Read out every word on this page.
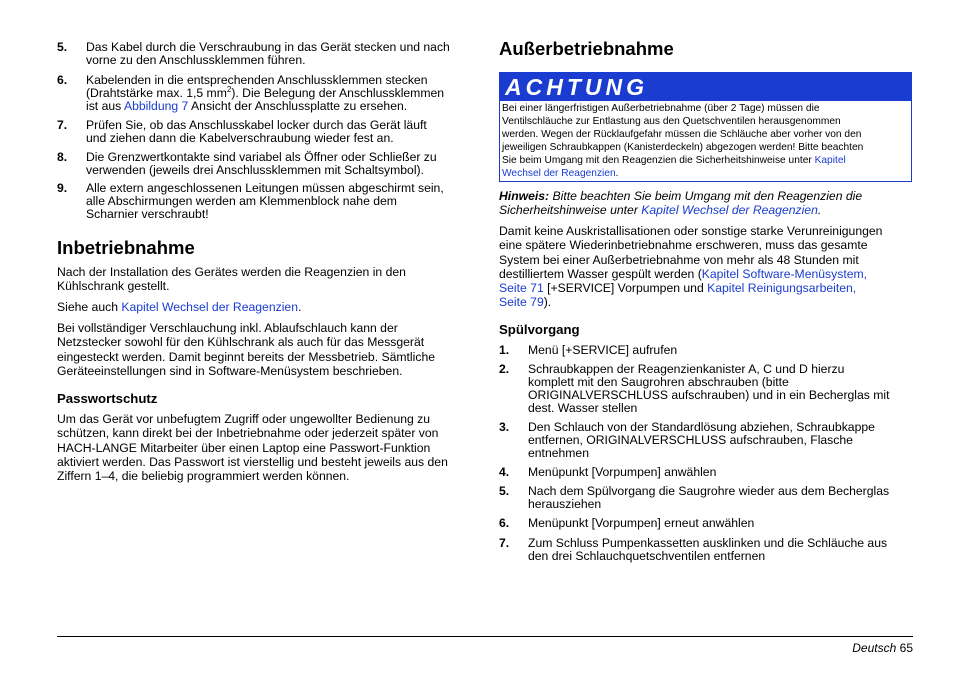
5. Das Kabel durch die Verschraubung in das Gerät stecken und nach
vorne zu den Anschlussklemmen führen.
6. Kabelenden in die entsprechenden Anschlussklemmen stecken
(Drahtstärke max. 1,5 $mm^2$). Die Belegung der Anschlussklemmen
ist aus Abbildung 7 Ansicht der Anschlussplatte zu ersehen.
7. Prüfen Sie, ob das Anschlusskabel locker durch das Gerät läuft
und ziehen dann die Kabelverschraubung wieder fest an.
8. Die Grenzwertkontakte sind variabel als Öffner oder Schließer zu
verwenden (jeweils drei Anschlussklemmen mit Schaltsymbol).
9. Alle extern angeschlossenen Leitungen müssen abgeschirmt sein,
alle Abschirmungen werden am Klemmenblock nahe dem
Scharnier verschraubt!
Inbetriebnahme
Nach der Installation des Gerätes werden die Reagenzien in den
Kühlschrank gestellt.
Siehe auch Kapitel Wechsel der Reagenzien.
Bei vollständiger Verschlauchung inkl. Ablaufschlauch kann der
Netzstecker sowohl für den Kühlschrank als auch für das Messgerät
eingesteckt werden. Damit beginnt bereits der Messbetrieb. Sämtliche
Geräteeinstellungen sind in Software-Menüsystem beschrieben.
Passwortschutz
Um das Gerät vor unbefugtem Zugriff oder ungewollter Bedienung zu
schützen, kann direkt bei der Inbetriebnahme oder jederzeit später von
HACH-LANGE Mitarbeiter über einen Laptop eine Passwort-Funktion
aktiviert werden. Das Passwort ist vierstellig und besteht jeweils aus den
Ziffern 1–4, die beliebig programmiert werden können.
Außerbetriebnahme
ACHTUNG
Bei einer längerfristigen Außerbetriebnahme (über 2 Tage) müssen die
Ventilschläuche zur Entlastung aus den Quetschventilen herausgenommen
werden. Wegen der Rücklaufgefahr müssen die Schläuche aber vorher von den
jeweiligen Schraubkappen (Kanisterdeckeln) abgezogen werden! Bitte beachten
Sie beim Umgang mit den Reagenzien die Sicherheitshinweise unter Kapitel
Wechsel der Reagenzien.
Hinweis: Bitte beachten Sie beim Umgang mit den Reagenzien die
Sicherheitshinweise unter Kapitel Wechsel der Reagenzien.
Damit keine Auskristallisationen oder sonstige starke Verunreinigungen
eine spätere Wiederinbetriebnahme erschweren, muss das gesamte
System bei einer Außerbetriebnahme von mehr als 48 Stunden mit
destilliertem Wasser gespült werden (Kapitel Software-Menüsystem,
Seite 71 [+SERVICE] Vorpumpen und Kapitel Reinigungsarbeiten,
Seite 79).
Spülvorgang
1. Menü [+SERVICE] aufrufen
2. Schraubkappen der Reagenzienkanister A, C und D hierzu
komplett mit den Saugrohren abschrauben (bitte
ORIGINALVERSCHLUSS aufschrauben) und in ein Becherglas mit
dest. Wasser stellen
3. Den Schlauch von der Standardlösung abziehen, Schraubkappe
entfernen, ORIGINALVERSCHLUSS aufschrauben, Flasche
entnehmen
4. Menüpunkt [Vorpumpen] anwählen
5. Nach dem Spülvorgang die Saugrohre wieder aus dem Becherglas
herausziehen
6. Menüpunkt [Vorpumpen] erneut anwählen
7. Zum Schluss Pumpenkassetten ausklinken und die Schläuche aus
den drei Schlauchquetschventilen entfernen
Deutsch 65
